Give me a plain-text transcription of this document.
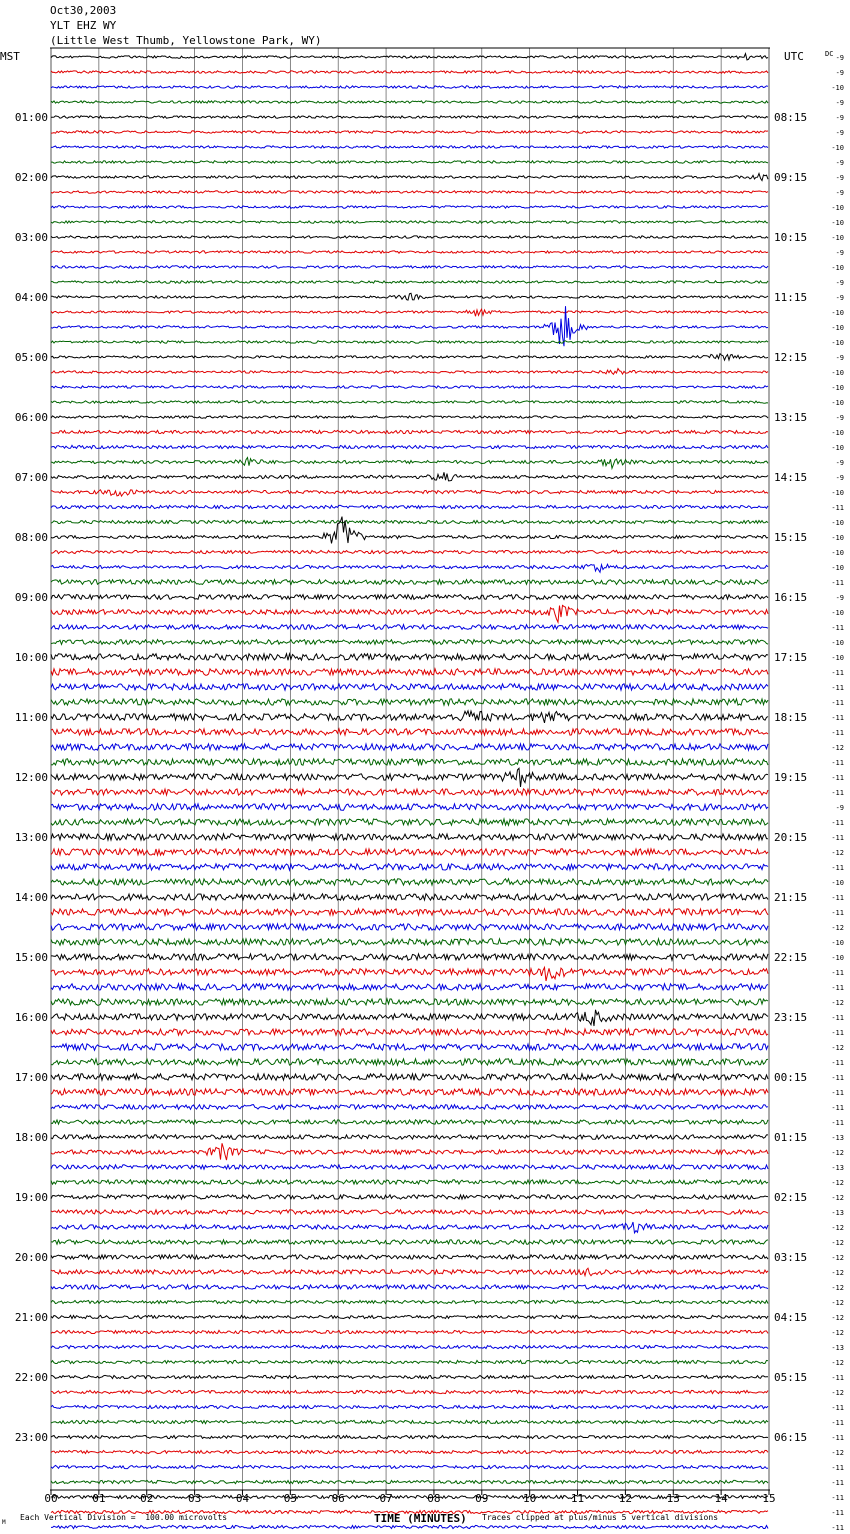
00	01	02	03	04	05	06	07	08	09	10	11	12	13	14	15
01:00
02:00
03:00
04:00
05:00
06:00
07:00
08:00
09:00
10:00
11:00
12:00
13:00
14:00
15:00
16:00
17:00
18:00
19:00
20:00
21:00
22:00
23:00
08:15
09:15
10:15
11:15
12:15
13:15
14:15
15:15
16:15
17:15
18:15
19:15
20:15
21:15
22:15
23:15
00:15
01:15
02:15
03:15
04:15
05:15
06:15
-9
-9
-10
-9
-9
-9
-10
-9
-9
-9
-10
-10
-10
-9
-10
-9
-9
-10
-10
-10
-9
-10
-10
-10
-9
-10
-10
-9
-9
-10
-11
-10
-10
-10
-10
-11
-9
-10
-11
-10
-10
-11
-11
-11
-11
-11
-12
-11
-11
-11
-9
-11
-11
-12
-11
-10
-11
-11
-12
-10
-10
-11
-11
-12
-11
-11
-12
-11
-11
-11
-11
-11
-13
-12
-13
-12
-12
-13
-12
-12
-12
-12
-12
-12
-12
-12
-13
-12
-11
-12
-11
-11
-11
-12
-11
-11
-11
-11
-11
Oct30,2003
YLT EHZ WY
(Little West Thumb, Yellowstone Park, WY)
MST	UTC	DC
M
Each Vertical Division =  100.00 microvolts	TIME (MINUTES) Traces clipped at plus/minus 5 vertical divisions
